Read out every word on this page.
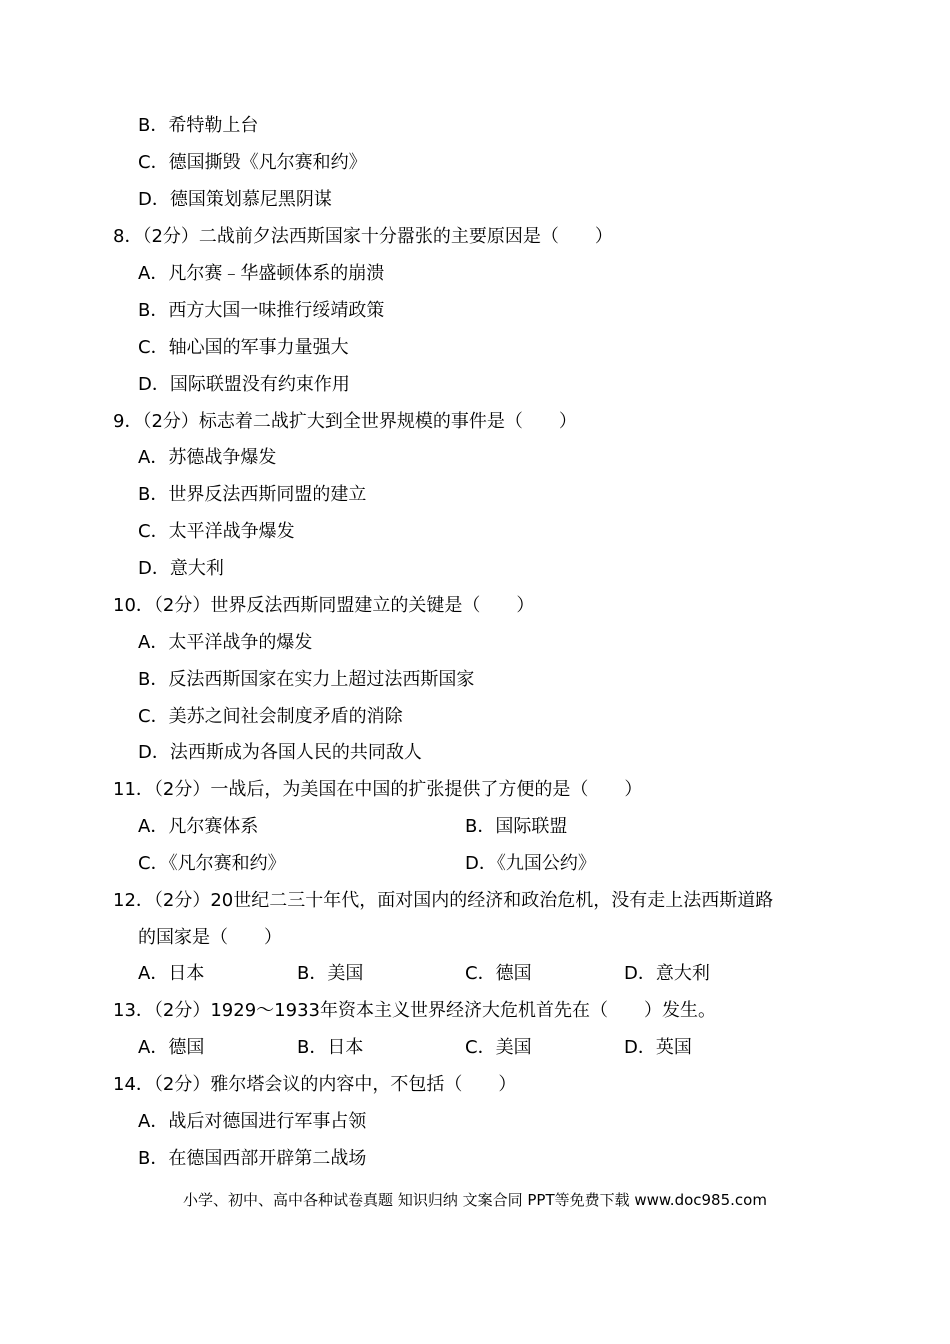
B．希特勒上台
C．德国撕毁《凡尔赛和约》
D．德国策划慕尼黑阴谋
8．（2分）二战前夕法西斯国家十分嚣张的主要原因是（　　）
A．凡尔赛﹣华盛顿体系的崩溃
B．西方大国一味推行绥靖政策
C．轴心国的军事力量强大
D．国际联盟没有约束作用
9．（2分）标志着二战扩大到全世界规模的事件是（　　）
A．苏德战争爆发
B．世界反法西斯同盟的建立
C．太平洋战争爆发
D．意大利
10．（2分）世界反法西斯同盟建立的关键是（　　）
A．太平洋战争的爆发
B．反法西斯国家在实力上超过法西斯国家
C．美苏之间社会制度矛盾的消除
D．法西斯成为各国人民的共同敌人
11．（2分）一战后，为美国在中国的扩张提供了方便的是（　　）
A．凡尔赛体系	B．国际联盟
C．《凡尔赛和约》	D．《九国公约》
12．（2分）20世纪二三十年代，面对国内的经济和政治危机，没有走上法西斯道路
的国家是（　　）
A．日本	B．美国	C．德国	D．意大利
13．（2分）1929～1933年资本主义世界经济大危机首先在（　　）发生。
A．德国	B．日本	C．美国	D．英国
14．（2分）雅尔塔会议的内容中，不包括（　　）
A．战后对德国进行军事占领
B．在德国西部开辟第二战场
小学、初中、高中各种试卷真题 知识归纳 文案合同 PPT等免费下载 www.doc985.com
